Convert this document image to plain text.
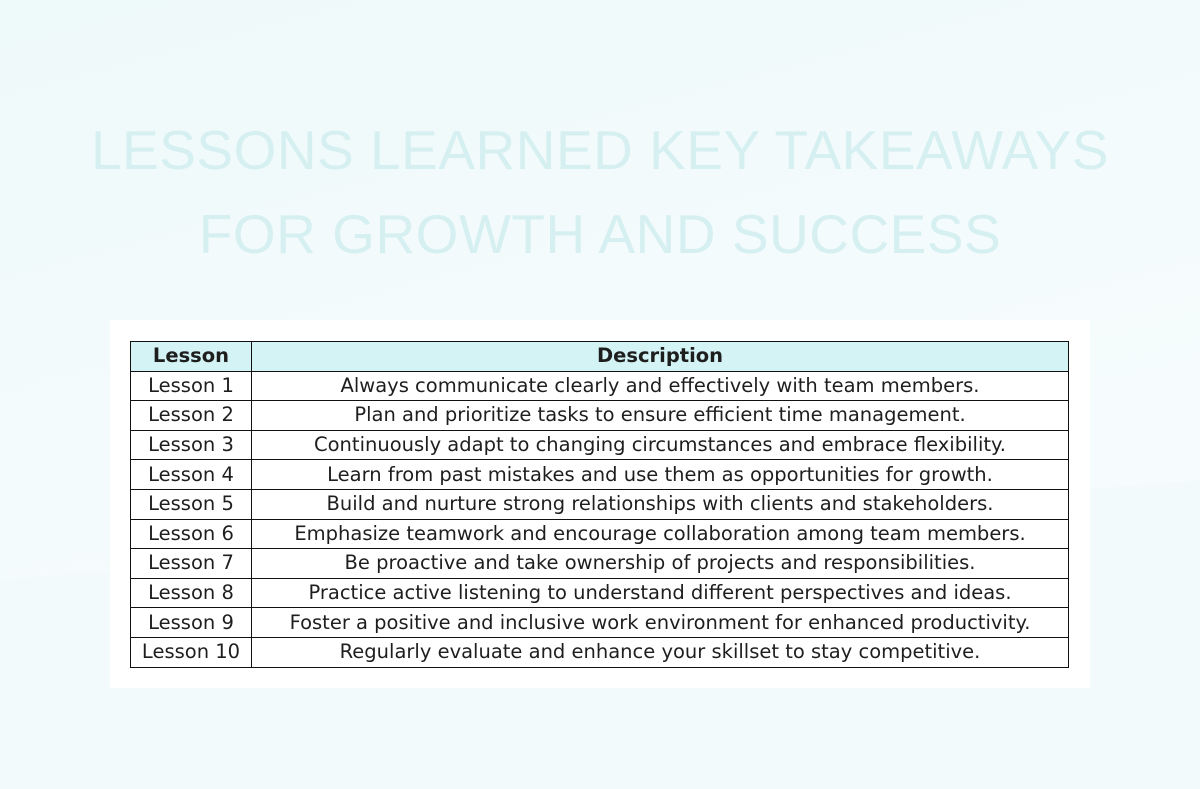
LESSONS LEARNED KEY TAKEAWAYS
FOR GROWTH AND SUCCESS
Lesson	Description
Lesson 1	Always communicate clearly and effectively with team members.
Lesson 2	Plan and prioritize tasks to ensure efficient time management.
Lesson 3	Continuously adapt to changing circumstances and embrace flexibility.
Lesson 4	Learn from past mistakes and use them as opportunities for growth.
Lesson 5	Build and nurture strong relationships with clients and stakeholders.
Lesson 6	Emphasize teamwork and encourage collaboration among team members.
Lesson 7	Be proactive and take ownership of projects and responsibilities.
Lesson 8	Practice active listening to understand different perspectives and ideas.
Lesson 9	Foster a positive and inclusive work environment for enhanced productivity.
Lesson 10	Regularly evaluate and enhance your skillset to stay competitive.
